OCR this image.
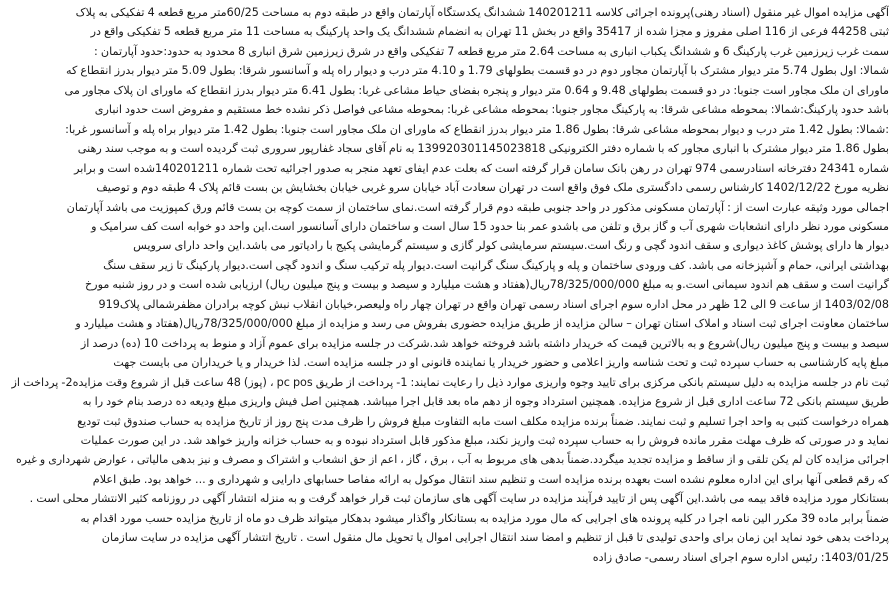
آگهی مزایده اموال غیر منقول (اسناد رهنی)پرونده اجرائی کلاسه 140201211 ششدانگ یکدستگاه آپارتمان واقع در طبقه دوم به مساحت 60/25متر مربع قطعه 4 تفکیکی به پلاک
ثبتی 44258 فرعی از 116 اصلی مفروز و مجزا شده از 35417 واقع در بخش 11 تهران به انضمام ششدانگ یک واحد پارکینگ به مساحت 11 متر مربع قطعه 5 تفکیکی واقع در
سمت غرب زیرزمین غرب پارکینگ 6 و ششدانگ یکباب انباری به مساحت 2.64 متر مربع قطعه 7 تفکیکی واقع در شرق زیرزمین شرق انباری 8 محدود به حدود:حدود آپارتمان :
شمالا: اول بطول 5.74 متر دیوار مشترک با آپارتمان مجاور دوم در دو قسمت بطولهای 1.79 و 4.10 متر درب و دیوار راه پله و آسانسور شرقا: بطول 5.09 متر دیوار بدرز انقطاع که
ماورای ان ملک مجاور است جنوبا: در دو قسمت بطولهای 9.48 و 0.64 متر دیوار و پنجره بفضای حیاط مشاعی غربا: بطول 6.41 متر دیوار بدرز انقطاع که ماورای ان پلاک مجاور می
باشد حدود پارکینگ:شمالا: بمحوطه مشاعی شرقا: به پارکینگ مجاور جنوبا: بمحوطه مشاعی غربا: بمحوطه مشاعی فواصل ذکر نشده خط مستقیم و مفروض است حدود انباری
:شمالا: بطول 1.42 متر درب و دیوار بمحوطه مشاعی شرقا: بطول 1.86 متر دیوار بدرز انقطاع که ماورای ان ملک مجاور است جنوبا: بطول 1.42 متر دیوار براه پله و آسانسور غربا:
بطول 1.86 متر دیوار مشترک با انباری مجاور که با شماره دفتر الکترونیکی 139920301145023818 به نام آقای سجاد غفارپور سروری ثبت گردیده است و به موجب سند رهنی
شماره 24341 دفترخانه اسنادرسمی 974 تهران در رهن بانک سامان قرار گرفته است که بعلت عدم ایفای تعهد منجر به صدور اجرائیه تحت شماره 140201211شده است و برابر
نظریه مورخ 1402/12/22 کارشناس رسمی دادگستری ملک فوق واقع است در تهران سعادت آباد خیابان سرو غربی خیابان بخشایش بن بست قائم پلاک 4 طبقه دوم و توصیف
اجمالی مورد وثیقه عبارت است از : آپارتمان مسکونی مذکور در واحد جنوبی طبقه دوم قرار گرفته است.نمای ساختمان از سمت کوچه بن بست قائم ورق کمپوزیت می باشد آپارتمان
مسکونی مورد نظر دارای انشعابات شهری آب و گاز برق و تلفن می باشدو عمر بنا حدود 15 سال است و ساختمان دارای آسانسور است.این واحد دو خوابه است کف سرامیک و
دیوار ها دارای پوشش کاغذ دیواری و سقف اندود گچی و رنگ است.سیستم سرمایشی کولر گازی و سیستم گرمایشی پکیج با رادیاتور می باشد.این واحد دارای سرویس
بهداشتی ایرانی، حمام و آشپزخانه می باشد. کف ورودی ساختمان و پله و پارکینگ سنگ گرانیت است.دیوار پله ترکیب سنگ و اندود گچی است.دیوار پارکینگ تا زیر سقف سنگ
گرانیت است و سقف هم اندود سیمانی است.و به مبلغ 78/325/000/000ریال(هفتاد و هشت میلیارد و سیصد و بیست و پنج میلیون ریال) ارزیابی شده است و در روز شنبه مورخ
1403/02/08 از ساعت 9 الی 12 ظهر در محل اداره سوم اجرای اسناد رسمی تهران واقع در تهران چهار راه ولیعصر،خیابان انقلاب نبش کوچه برادران مظفرشمالی پلاک919
ساختمان معاونت اجرای ثبت اسناد و املاک استان تهران – سالن مزایده از طریق مزایده حضوری بفروش می رسد و مزایده از مبلغ 78/325/000/000ریال(هفتاد و هشت میلیارد و
سیصد و بیست و پنج میلیون ریال)شروع و به بالاترین قیمت که خریدار داشته باشد فروخته خواهد شد.شرکت در جلسه مزایده برای عموم آزاد و منوط به پرداخت 10 (ده) درصد از
مبلغ پایه کارشناسی به حساب سپرده ثبت و تحت شناسه واریز اعلامی و حضور خریدار یا نماینده قانونی او در جلسه مزایده است. لذا خریدار و یا خریداران می بایست جهت
ثبت نام در جلسه مزایده به دلیل سیستم بانکی مرکزی برای تایید وجوه واریزی موارد ذیل را رعایت نمایند: 1- پرداخت از طریق pc pos ، (پوز) 48 ساعت قبل از شروع وقت مزایده2- پرداخت از
طریق سیستم بانکی 72 ساعت اداری قبل از شروع مزایده. همچنین استرداد وجوه از دهم ماه بعد قابل اجرا میباشد. همچنین اصل فیش واریزی مبلغ ودیعه ده درصد بنام خود را به
همراه درخواست کتبی به واحد اجرا تسلیم و ثبت نمایند. ضمناً برنده مزایده مکلف است مابه التفاوت مبلغ فروش را ظرف مدت پنج روز از تاریخ مزایده به حساب صندوق ثبت تودیع
نماید و در صورتی که ظرف مهلت مقرر مانده فروش را به حساب سپرده ثبت واریز نکند، مبلغ مذکور قابل استرداد نبوده و به حساب خزانه واریز خواهد شد. در این صورت عملیات
اجرائی مزایده کان لم یکن تلقی و از ساقط و مزایده تجدید میگردد.ضمناً بدهی های مربوط به آب ، برق ، گاز ، اعم از حق انشعاب و اشتراک و مصرف و نیز بدهی مالیاتی ، عوارض شهرداری و غیره
که رقم قطعی آنها برای این اداره معلوم نشده است بعهده برنده مزایده است و تنظیم سند انتقال موکول به ارائه مفاصا حسابهای دارایی و شهرداری و ... خواهد بود. طبق اعلام
بستانکار مورد مزایده فاقد بیمه می باشد.این آگهی پس از تایید فرآیند مزایده در سایت آگهی های سازمان ثبت قرار خواهد گرفت و به منزله انتشار آگهی در روزنامه کثیر الانتشار محلی است .
ضمناً برابر ماده 39 مکرر الین نامه اجرا در کلیه پرونده های اجرایی که مال مورد مزایده به بستانکار واگذار میشود بدهکار میتواند ظرف دو ماه از تاریخ مزایده حسب مورد اقدام به
پرداخت بدهی خود نماید این زمان برای واحدی تولیدی تا قبل از تنظیم و امضا سند انتقال اجرایی اموال یا تحویل مال منقول است . تاریخ انتشار آگهی مزایده در سایت سازمان
1403/01/25: رئیس اداره سوم اجرای اسناد رسمی- صادق زاده
